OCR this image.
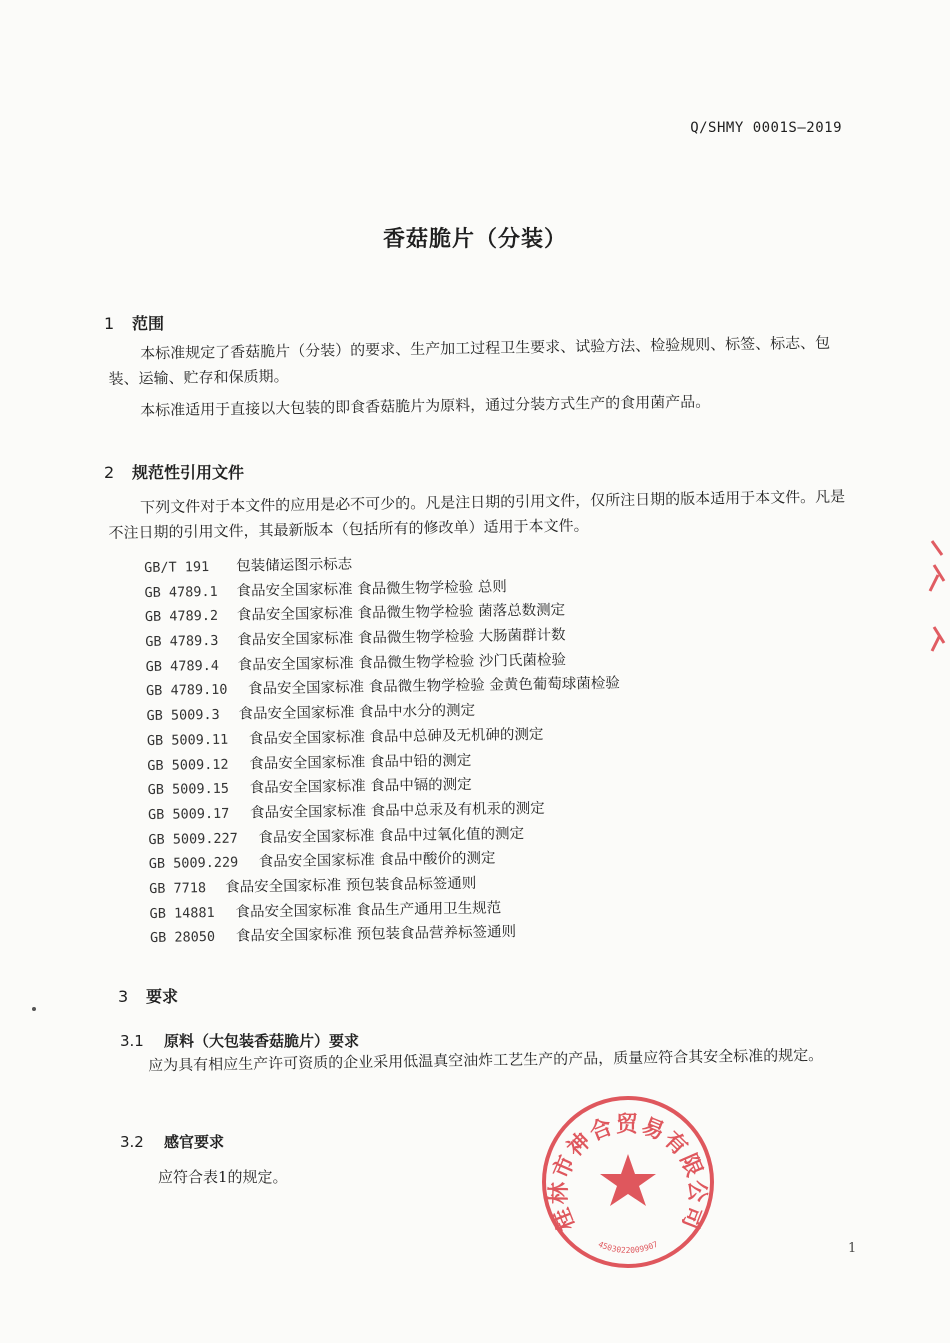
Q/SHMY 0001S—2019
香菇脆片（分装）
1 范围
本标准规定了香菇脆片（分装）的要求、生产加工过程卫生要求、试验方法、检验规则、标签、标志、包装、运输、贮存和保质期。
本标准适用于直接以大包装的即食香菇脆片为原料，通过分装方式生产的食用菌产品。
2 规范性引用文件
下列文件对于本文件的应用是必不可少的。凡是注日期的引用文件，仅所注日期的版本适用于本文件。凡是不注日期的引用文件，其最新版本（包括所有的修改单）适用于本文件。
GB/T 191	包装储运图示标志
GB 4789.1	食品安全国家标准 食品微生物学检验 总则
GB 4789.2	食品安全国家标准 食品微生物学检验 菌落总数测定
GB 4789.3	食品安全国家标准 食品微生物学检验 大肠菌群计数
GB 4789.4	食品安全国家标准 食品微生物学检验 沙门氏菌检验
GB 4789.10	食品安全国家标准 食品微生物学检验 金黄色葡萄球菌检验
GB 5009.3	食品安全国家标准 食品中水分的测定
GB 5009.11	食品安全国家标准 食品中总砷及无机砷的测定
GB 5009.12	食品安全国家标准 食品中铅的测定
GB 5009.15	食品安全国家标准 食品中镉的测定
GB 5009.17	食品安全国家标准 食品中总汞及有机汞的测定
GB 5009.227	食品安全国家标准 食品中过氧化值的测定
GB 5009.229	食品安全国家标准 食品中酸价的测定
GB 7718	食品安全国家标准 预包装食品标签通则
GB 14881	食品安全国家标准 食品生产通用卫生规范
GB 28050	食品安全国家标准 预包装食品营养标签通则
3 要求
3.1 原料（大包装香菇脆片）要求
应为具有相应生产许可资质的企业采用低温真空油炸工艺生产的产品，质量应符合其安全标准的规定。
3.2 感官要求
应符合表1的规定。
桂林市神合贸易有限公司
4503022009907	1
